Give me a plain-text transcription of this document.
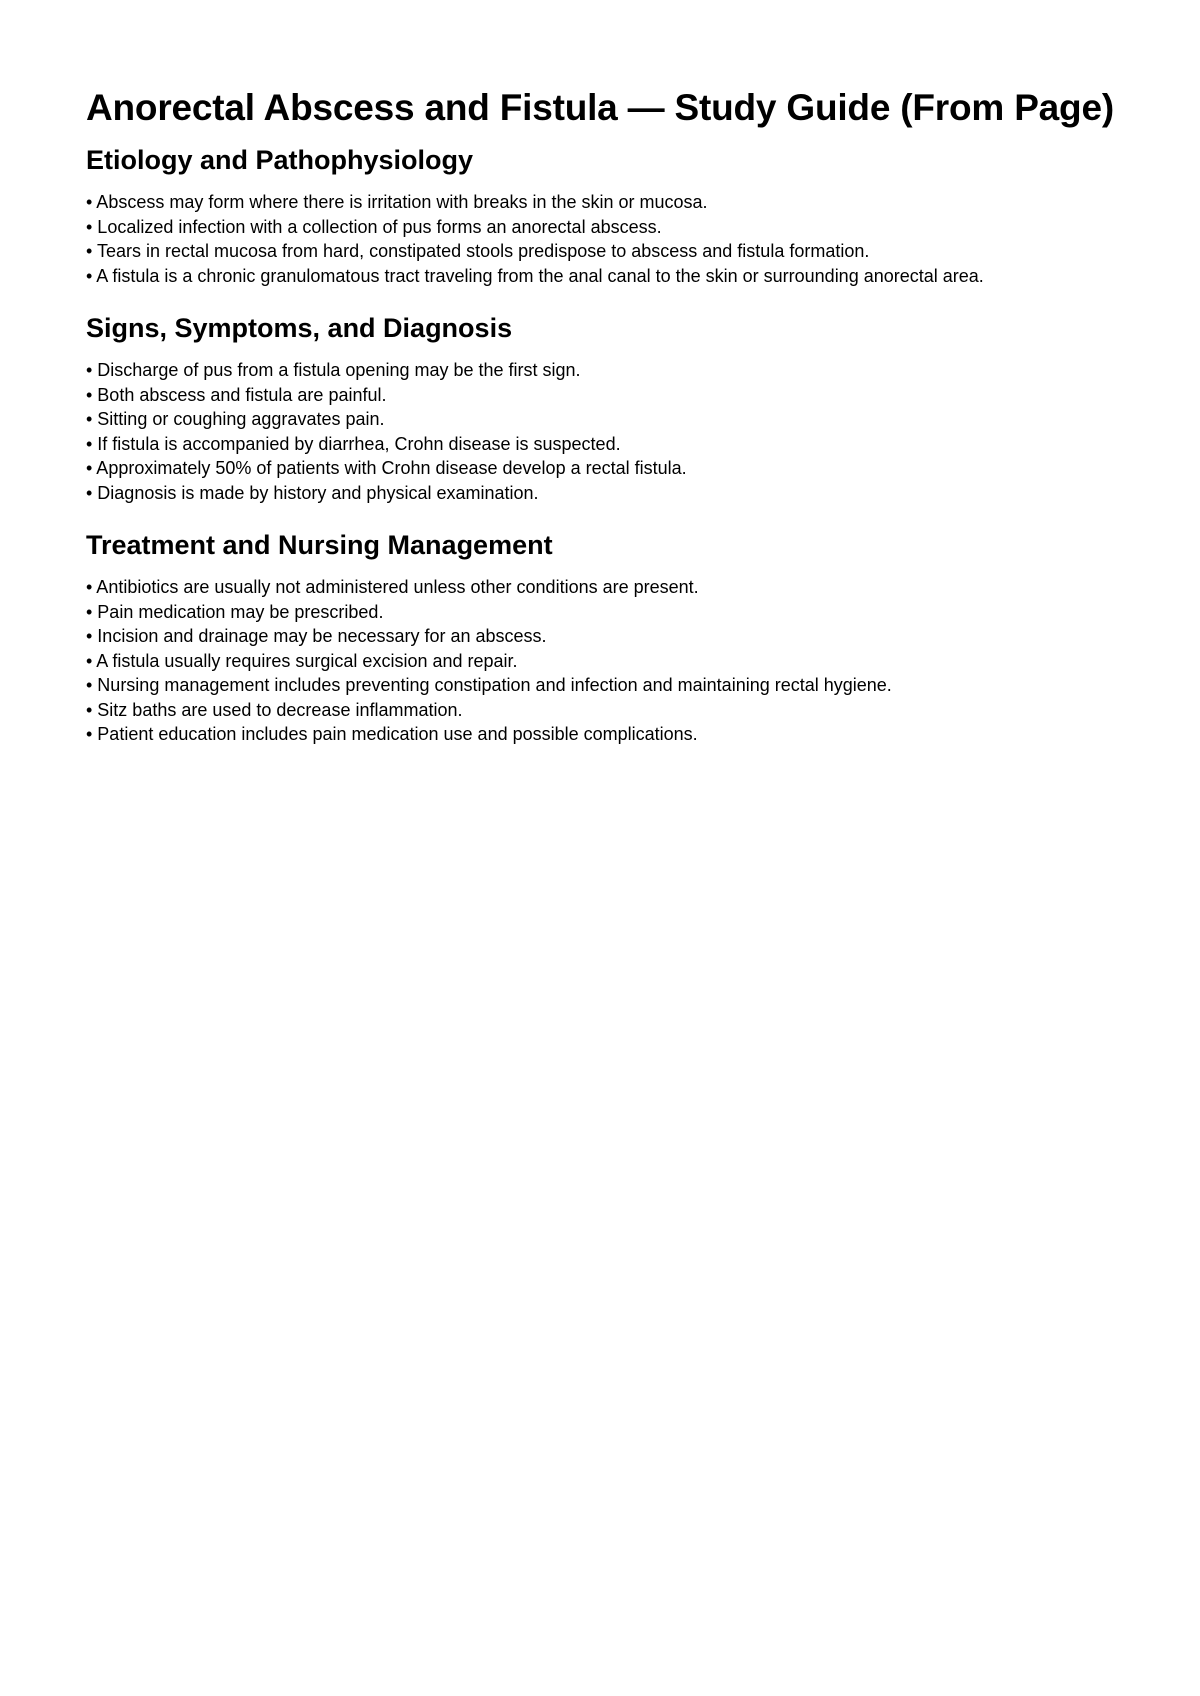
Anorectal Abscess and Fistula — Study Guide (From Page)
Etiology and Pathophysiology
• Abscess may form where there is irritation with breaks in the skin or mucosa.
• Localized infection with a collection of pus forms an anorectal abscess.
• Tears in rectal mucosa from hard, constipated stools predispose to abscess and fistula formation.
• A fistula is a chronic granulomatous tract traveling from the anal canal to the skin or surrounding anorectal area.
Signs, Symptoms, and Diagnosis
• Discharge of pus from a fistula opening may be the first sign.
• Both abscess and fistula are painful.
• Sitting or coughing aggravates pain.
• If fistula is accompanied by diarrhea, Crohn disease is suspected.
• Approximately 50% of patients with Crohn disease develop a rectal fistula.
• Diagnosis is made by history and physical examination.
Treatment and Nursing Management
• Antibiotics are usually not administered unless other conditions are present.
• Pain medication may be prescribed.
• Incision and drainage may be necessary for an abscess.
• A fistula usually requires surgical excision and repair.
• Nursing management includes preventing constipation and infection and maintaining rectal hygiene.
• Sitz baths are used to decrease inflammation.
• Patient education includes pain medication use and possible complications.
